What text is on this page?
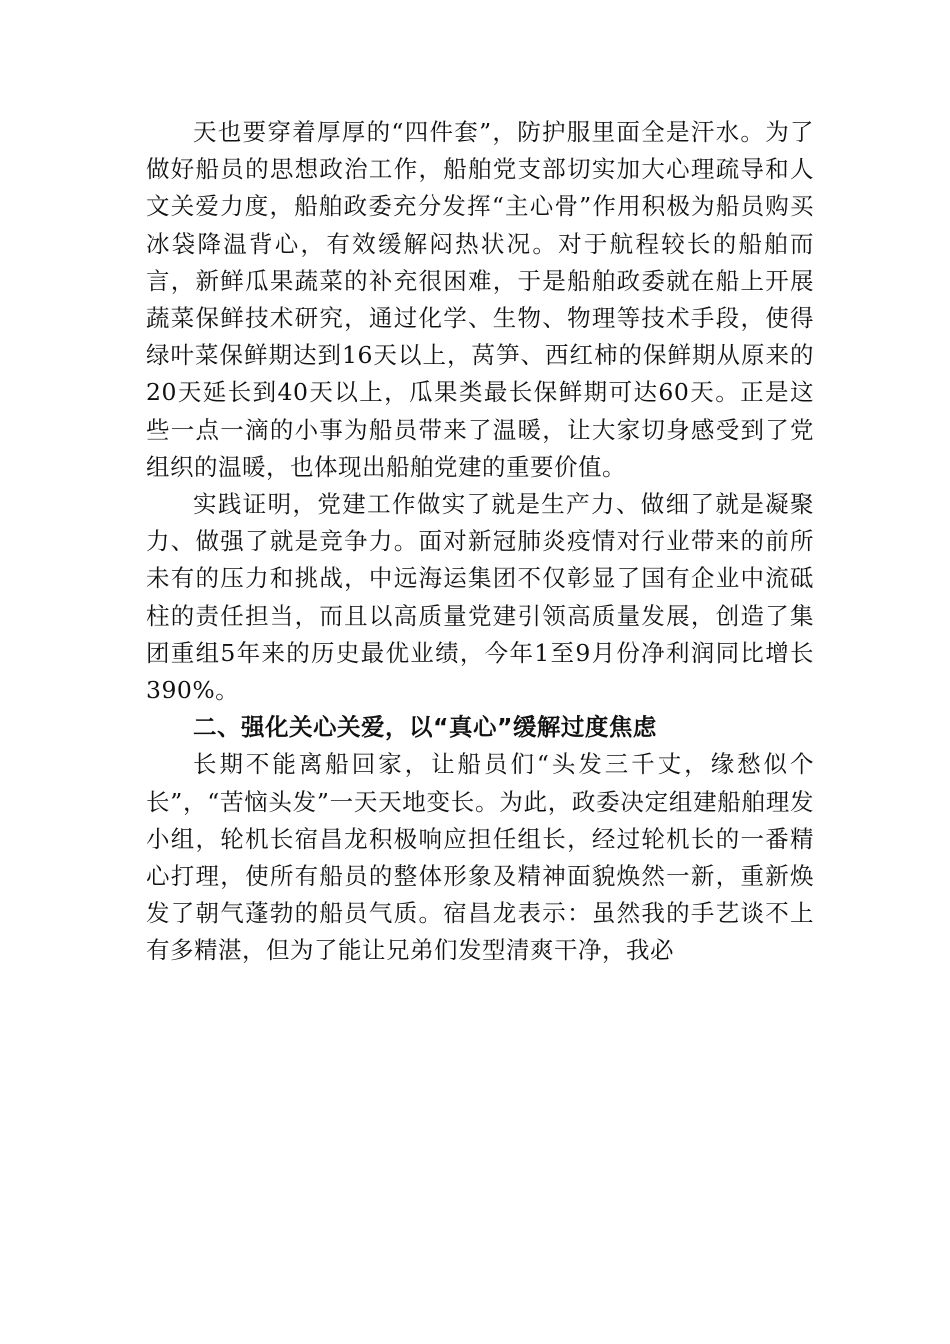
天也要穿着厚厚的“四件套”，防护服里面全是汗水。为了做好船员的思想政治工作，船舶党支部切实加大心理疏导和人文关爱力度，船舶政委充分发挥“主心骨”作用积极为船员购买冰袋降温背心，有效缓解闷热状况。对于航程较长的船舶而言，新鲜瓜果蔬菜的补充很困难，于是船舶政委就在船上开展蔬菜保鲜技术研究，通过化学、生物、物理等技术手段，使得绿叶菜保鲜期达到16天以上，莴笋、西红柿的保鲜期从原来的20天延长到40天以上，瓜果类最长保鲜期可达60天。正是这些一点一滴的小事为船员带来了温暖，让大家切身感受到了党组织的温暖，也体现出船舶党建的重要价值。

实践证明，党建工作做实了就是生产力、做细了就是凝聚力、做强了就是竞争力。面对新冠肺炎疫情对行业带来的前所未有的压力和挑战，中远海运集团不仅彰显了国有企业中流砥柱的责任担当，而且以高质量党建引领高质量发展，创造了集团重组5年来的历史最优业绩，今年1至9月份净利润同比增长390%。

二、强化关心关爱，以“真心”缓解过度焦虑

长期不能离船回家，让船员们“头发三千丈，缘愁似个长”，“苦恼头发”一天天地变长。为此，政委决定组建船舶理发小组，轮机长宿昌龙积极响应担任组长，经过轮机长的一番精心打理，使所有船员的整体形象及精神面貌焕然一新，重新焕发了朝气蓬勃的船员气质。宿昌龙表示：虽然我的手艺谈不上有多精湛，但为了能让兄弟们发型清爽干净，我必
